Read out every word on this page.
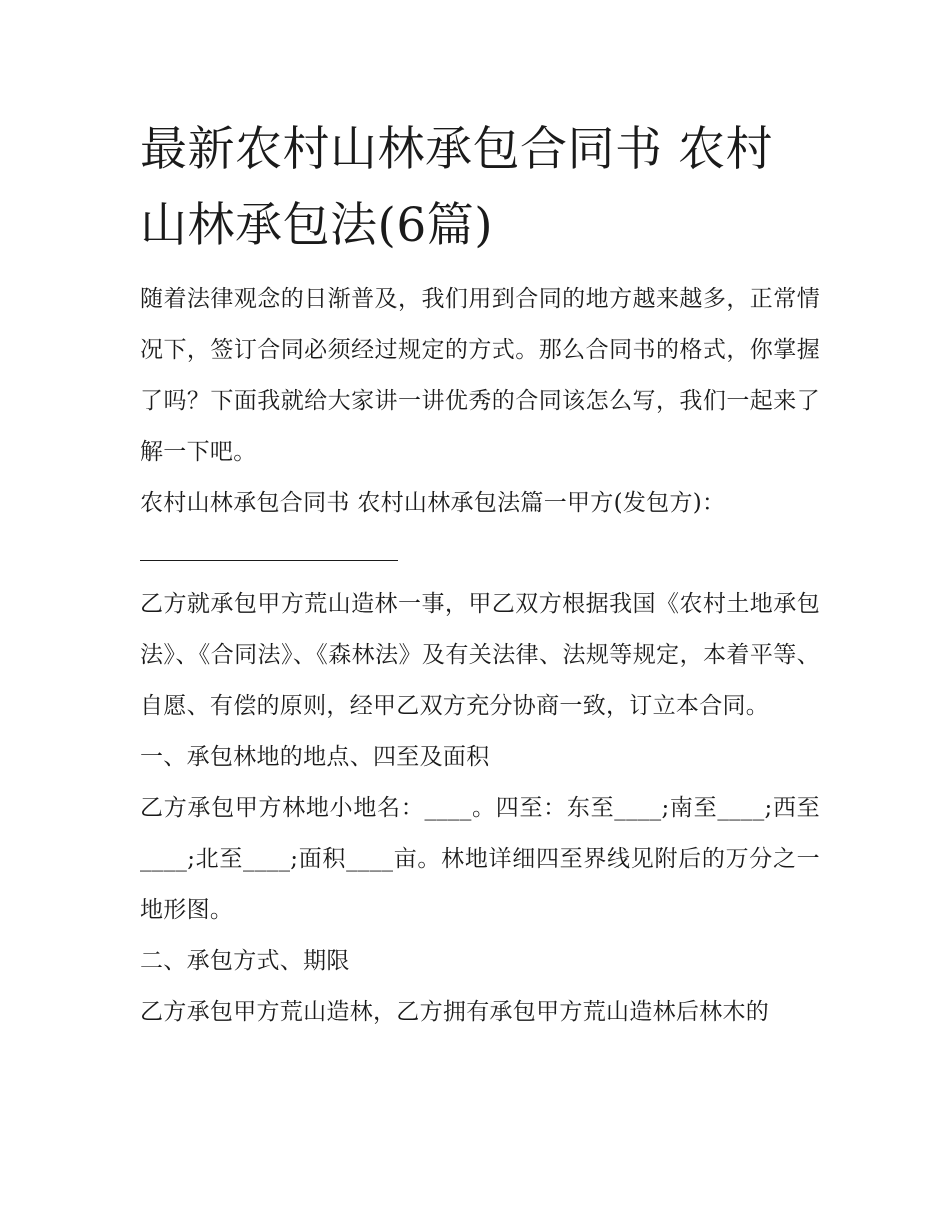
最新农村山林承包合同书 农村山林承包法(6篇)

随着法律观念的日渐普及，我们用到合同的地方越来越多，正常情况下，签订合同必须经过规定的方式。那么合同书的格式，你掌握了吗？下面我就给大家讲一讲优秀的合同该怎么写，我们一起来了解一下吧。

农村山林承包合同书 农村山林承包法篇一甲方(发包方)：

乙方就承包甲方荒山造林一事，甲乙双方根据我国《农村土地承包法》、《合同法》、《森林法》及有关法律、法规等规定，本着平等、自愿、有偿的原则，经甲乙双方充分协商一致，订立本合同。

一、承包林地的地点、四至及面积

乙方承包甲方林地小地名：____。四至：东至____;南至____;西至____;北至____;面积____亩。林地详细四至界线见附后的万分之一地形图。

二、承包方式、期限

乙方承包甲方荒山造林，乙方拥有承包甲方荒山造林后林木的
